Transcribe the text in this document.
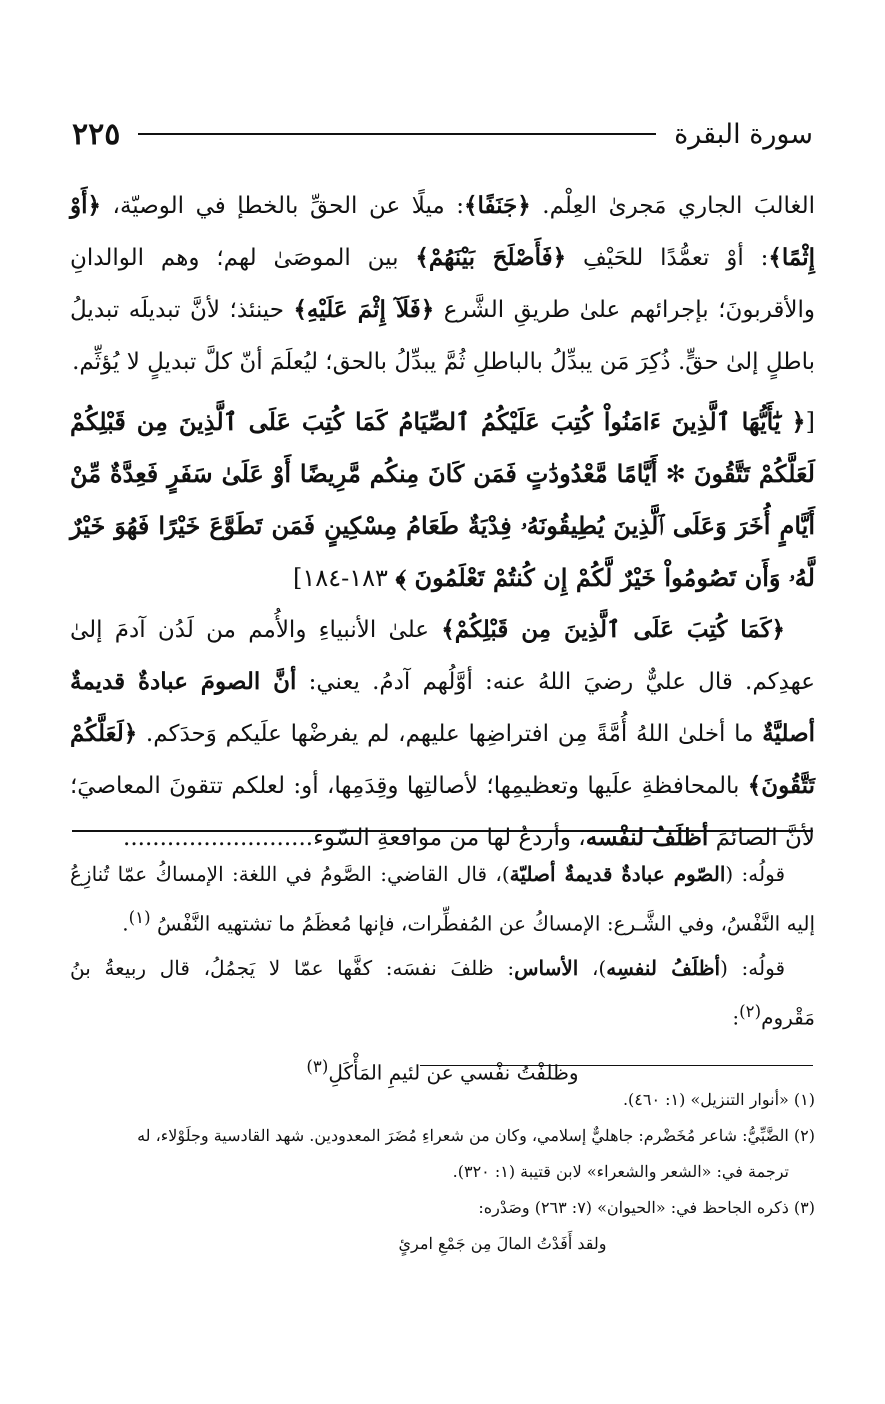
سورة البقرة
٢٢٥

الغالبَ الجاري مَجرىٰ العِلْم. ﴿جَنَفًا﴾: ميلًا عن الحقِّ بالخطإ في الوصيّة، ﴿أَوْ إِثْمًا﴾: أوْ تعمُّدًا للحَيْفِ ﴿فَأَصْلَحَ بَيْنَهُمْ﴾ بين الموصَىٰ لهم؛ وهم الوالدانِ والأقربونَ؛ بإجرائهم علىٰ طريقِ الشَّرع ﴿فَلَآ إِثْمَ عَلَيْهِ﴾ حينئذ؛ لأنَّ تبديلَه تبديلُ باطلٍ إلىٰ حقٍّ. ذُكِرَ مَن يبدِّلُ بالباطلِ ثُمَّ يبدِّلُ بالحق؛ ليُعلَمَ أنّ كلَّ تبديلٍ لا يُؤثِّم.

[﴿ يَٰٓأَيُّهَا ٱلَّذِينَ ءَامَنُواْ كُتِبَ عَلَيْكُمُ ٱلصِّيَامُ كَمَا كُتِبَ عَلَى ٱلَّذِينَ مِن قَبْلِكُمْ لَعَلَّكُمْ تَتَّقُونَ ✻ أَيَّامًا مَّعْدُودَٰتٍ فَمَن كَانَ مِنكُم مَّرِيضًا أَوْ عَلَىٰ سَفَرٍ فَعِدَّةٌ مِّنْ أَيَّامٍ أُخَرَ وَعَلَى ٱلَّذِينَ يُطِيقُونَهُۥ فِدْيَةٌ طَعَامُ مِسْكِينٍ فَمَن تَطَوَّعَ خَيْرًا فَهُوَ خَيْرٌ لَّهُۥ وَأَن تَصُومُواْ خَيْرٌ لَّكُمْ إِن كُنتُمْ تَعْلَمُونَ ﴾ ١٨٣-١٨٤]

﴿كَمَا كُتِبَ عَلَى ٱلَّذِينَ مِن قَبْلِكُمْ﴾ علىٰ الأنبياءِ والأُمم من لَدُن آدمَ إلىٰ عهدِكم. قال عليٌّ رضيَ اللهُ عنه: أوَّلُهم آدمُ. يعني: أنَّ الصومَ عبادةٌ قديمةٌ أصليَّةٌ ما أخلىٰ اللهُ أُمَّةً مِن افتراضِها عليهم، لم يفرضْها علَيكم وَحدَكم. ﴿لَعَلَّكُمْ تَتَّقُونَ﴾ بالمحافظةِ علَيها وتعظيمِها؛ لأصالتِها وقِدَمِها، أو: لعلكم تتقونَ المعاصيَ؛ لأنَّ الصائمَ أظلَفُ لنفْسه، وأردعُ لها من مواقعةِ السّوء..........................

قولُه: (الصّوم عبادةٌ قديمةٌ أصليّة)، قال القاضي: الصَّومُ في اللغة: الإمساكُ عمّا تُنازِعُ إليه النَّفْسُ، وفي الشَّـرع: الإمساكُ عن المُفطِّرات، فإنها مُعظَمُ ما تشتهيه النَّفْسُ $^{(١)}$.

قولُه: (أظلَفُ لنفسِه)، الأساس: ظلفَ نفسَه: كفَّها عمّا لا يَجمُلُ، قال ربيعةُ بنُ مَقْروم$^{(٢)}$:

وظلفْتُ نفْسي عن لئيمِ المَأْكَلِ$^{(٣)}$

(١) «أنوار التنزيل» (١: ٤٦٠).

(٢) الضَّبِّيُّ: شاعر مُخَضْرم: جاهليٌّ إسلامي، وكان من شعراءِ مُضَرَ المعدودين. شهد القادسية وجلَوْلاء، له

ترجمة في: «الشعر والشعراء» لابن قتيبة (١: ٣٢٠).

(٣) ذكره الجاحظ في: «الحيوان» (٧: ٢٦٣) وصَدْره:

ولقد أَفَدْتُ المالَ مِن جَمْعِ امرئٍ
